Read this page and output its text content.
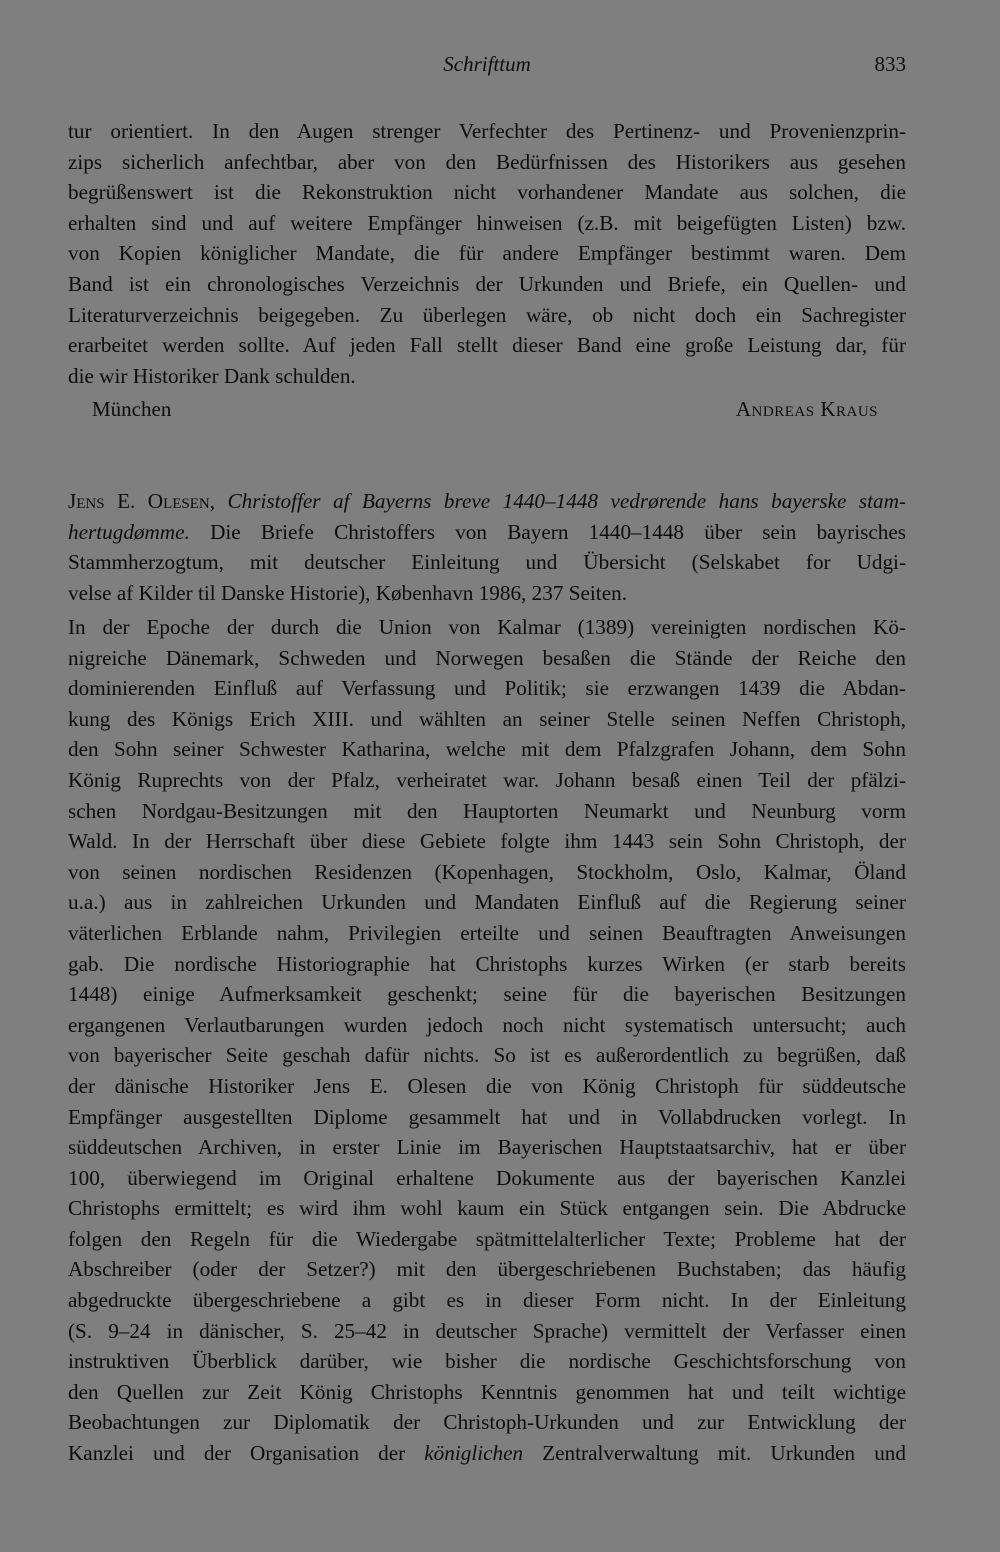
Schrifttum	833
tur orientiert. In den Augen strenger Verfechter des Pertinenz- und Provenienzprin-
zips sicherlich anfechtbar, aber von den Bedürfnissen des Historikers aus gesehen
begrüßenswert ist die Rekonstruktion nicht vorhandener Mandate aus solchen, die
erhalten sind und auf weitere Empfänger hinweisen (z.B. mit beigefügten Listen) bzw.
von Kopien königlicher Mandate, die für andere Empfänger bestimmt waren. Dem
Band ist ein chronologisches Verzeichnis der Urkunden und Briefe, ein Quellen- und
Literaturverzeichnis beigegeben. Zu überlegen wäre, ob nicht doch ein Sachregister
erarbeitet werden sollte. Auf jeden Fall stellt dieser Band eine große Leistung dar, für
die wir Historiker Dank schulden.
München	Andreas Kraus
Jens E. Olesen, Christoffer af Bayerns breve 1440–1448 vedrørende hans bayerske stam-
hertugdømme. Die Briefe Christoffers von Bayern 1440–1448 über sein bayrisches
Stammherzogtum, mit deutscher Einleitung und Übersicht (Selskabet for Udgi-
velse af Kilder til Danske Historie), København 1986, 237 Seiten.
In der Epoche der durch die Union von Kalmar (1389) vereinigten nordischen Kö-
nigreiche Dänemark, Schweden und Norwegen besaßen die Stände der Reiche den
dominierenden Einfluß auf Verfassung und Politik; sie erzwangen 1439 die Abdan-
kung des Königs Erich XIII. und wählten an seiner Stelle seinen Neffen Christoph,
den Sohn seiner Schwester Katharina, welche mit dem Pfalzgrafen Johann, dem Sohn
König Ruprechts von der Pfalz, verheiratet war. Johann besaß einen Teil der pfälzi-
schen Nordgau-Besitzungen mit den Hauptorten Neumarkt und Neunburg vorm
Wald. In der Herrschaft über diese Gebiete folgte ihm 1443 sein Sohn Christoph, der
von seinen nordischen Residenzen (Kopenhagen, Stockholm, Oslo, Kalmar, Öland
u.a.) aus in zahlreichen Urkunden und Mandaten Einfluß auf die Regierung seiner
väterlichen Erblande nahm, Privilegien erteilte und seinen Beauftragten Anweisungen
gab. Die nordische Historiographie hat Christophs kurzes Wirken (er starb bereits
1448) einige Aufmerksamkeit geschenkt; seine für die bayerischen Besitzungen
ergangenen Verlautbarungen wurden jedoch noch nicht systematisch untersucht; auch
von bayerischer Seite geschah dafür nichts. So ist es außerordentlich zu begrüßen, daß
der dänische Historiker Jens E. Olesen die von König Christoph für süddeutsche
Empfänger ausgestellten Diplome gesammelt hat und in Vollabdrucken vorlegt. In
süddeutschen Archiven, in erster Linie im Bayerischen Hauptstaatsarchiv, hat er über
100, überwiegend im Original erhaltene Dokumente aus der bayerischen Kanzlei
Christophs ermittelt; es wird ihm wohl kaum ein Stück entgangen sein. Die Abdrucke
folgen den Regeln für die Wiedergabe spätmittelalterlicher Texte; Probleme hat der
Abschreiber (oder der Setzer?) mit den übergeschriebenen Buchstaben; das häufig
abgedruckte übergeschriebene a gibt es in dieser Form nicht. In der Einleitung
(S. 9–24 in dänischer, S. 25–42 in deutscher Sprache) vermittelt der Verfasser einen
instruktiven Überblick darüber, wie bisher die nordische Geschichtsforschung von
den Quellen zur Zeit König Christophs Kenntnis genommen hat und teilt wichtige
Beobachtungen zur Diplomatik der Christoph-Urkunden und zur Entwicklung der
Kanzlei und der Organisation der königlichen Zentralverwaltung mit. Urkunden und
